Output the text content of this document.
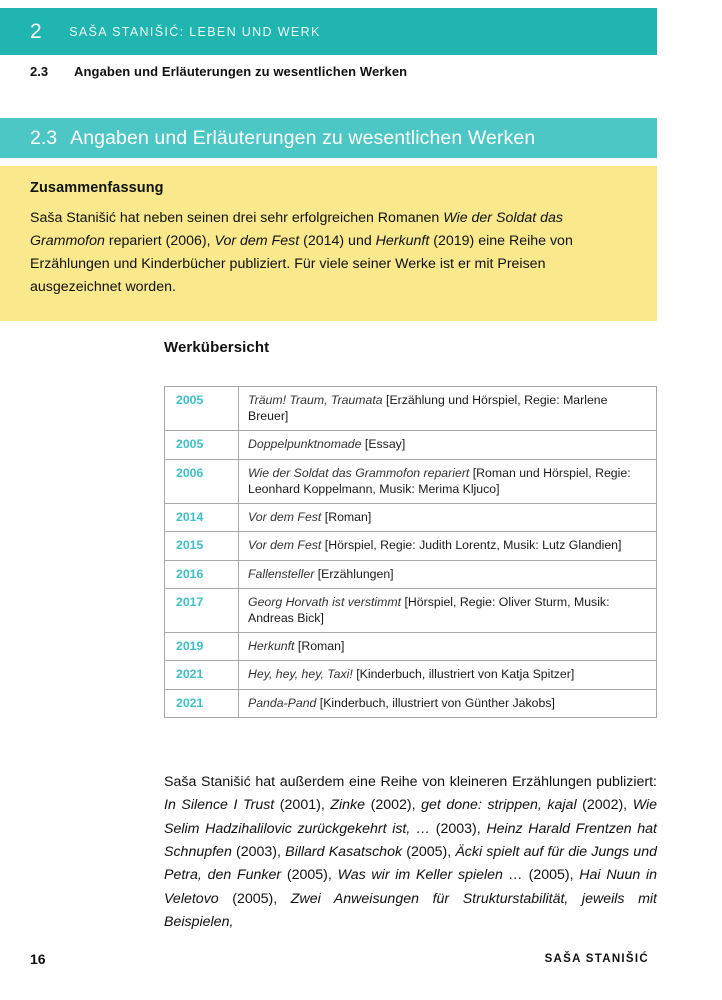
2 SAŠA STANIŠIĆ: LEBEN UND WERK
2.3	Angaben und Erläuterungen zu wesentlichen Werken
2.3 Angaben und Erläuterungen zu wesentlichen Werken
Zusammenfassung

Saša Stanišić hat neben seinen drei sehr erfolgreichen Romanen Wie der Soldat das Grammofon repariert (2006), Vor dem Fest (2014) und Herkunft (2019) eine Reihe von Erzählungen und Kinderbücher publiziert. Für viele seiner Werke ist er mit Preisen ausgezeichnet worden.

Werkübersicht
2005	Träum! Traum, Traumata [Erzählung und Hörspiel, Regie: Marlene Breuer]
2005	Doppelpunktnomade [Essay]
2006	Wie der Soldat das Grammofon repariert [Roman und Hörspiel, Regie: Leonhard Koppelmann, Musik: Merima Kljuco]
2014	Vor dem Fest [Roman]
2015	Vor dem Fest [Hörspiel, Regie: Judith Lorentz, Musik: Lutz Glandien]
2016	Fallensteller [Erzählungen]
2017	Georg Horvath ist verstimmt [Hörspiel, Regie: Oliver Sturm, Musik: Andreas Bick]
2019	Herkunft [Roman]
2021	Hey, hey, hey, Taxi! [Kinderbuch, illustriert von Katja Spitzer]
2021	Panda-Pand [Kinderbuch, illustriert von Günther Jakobs]

Saša Stanišić hat außerdem eine Reihe von kleineren Erzählungen publiziert: In Silence I Trust (2001), Zinke (2002), get done: strippen, kajal (2002), Wie Selim Hadzihalilovic zurückgekehrt ist, … (2003), Heinz Harald Frentzen hat Schnupfen (2003), Billard Kasatschok (2005), Äcki spielt auf für die Jungs und Petra, den Funker (2005), Was wir im Keller spielen … (2005), Hai Nuun in Veletovo (2005), Zwei Anweisungen für Strukturstabilität, jeweils mit Beispielen,

16	SAŠA STANIŠIĆ
